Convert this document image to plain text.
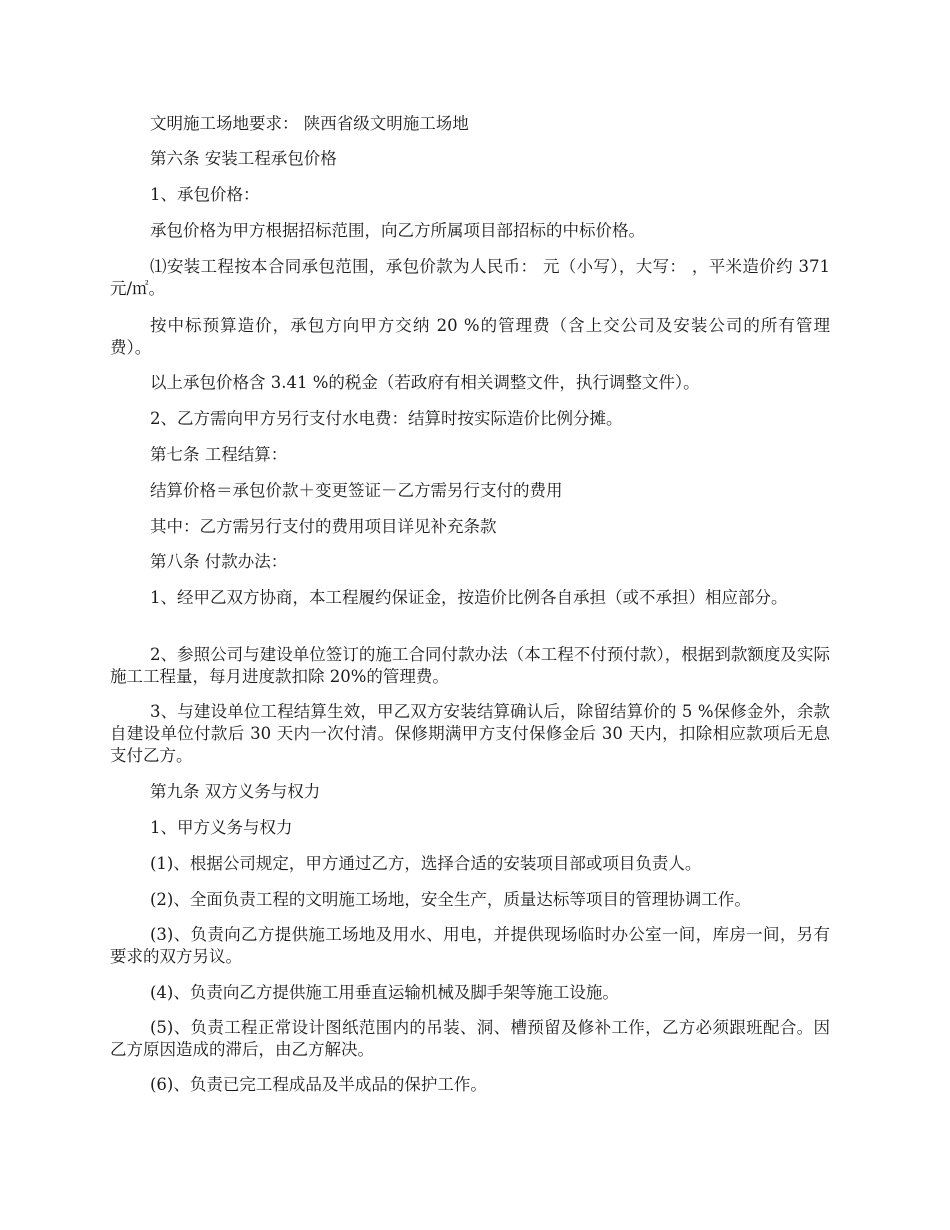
文明施工场地要求： 陕西省级文明施工场地

第六条 安装工程承包价格

1、承包价格：

承包价格为甲方根据招标范围，向乙方所属项目部招标的中标价格。

⑴安装工程按本合同承包范围，承包价款为人民币： 元（小写），大写： ，平米造价约 371 元/㎡。

按中标预算造价，承包方向甲方交纳 20 %的管理费（含上交公司及安装公司的所有管理费）。

以上承包价格含 3.41 %的税金（若政府有相关调整文件，执行调整文件）。

2、乙方需向甲方另行支付水电费：结算时按实际造价比例分摊。

第七条 工程结算：

结算价格＝承包价款＋变更签证－乙方需另行支付的费用

其中：乙方需另行支付的费用项目详见补充条款

第八条 付款办法：

1、经甲乙双方协商，本工程履约保证金，按造价比例各自承担（或不承担）相应部分。

2、参照公司与建设单位签订的施工合同付款办法（本工程不付预付款），根据到款额度及实际施工工程量，每月进度款扣除 20%的管理费。

3、与建设单位工程结算生效，甲乙双方安装结算确认后，除留结算价的 5 %保修金外，余款自建设单位付款后 30 天内一次付清。保修期满甲方支付保修金后 30 天内，扣除相应款项后无息支付乙方。

第九条 双方义务与权力

1、甲方义务与权力

(1)、根据公司规定，甲方通过乙方，选择合适的安装项目部或项目负责人。

(2)、全面负责工程的文明施工场地，安全生产，质量达标等项目的管理协调工作。

(3)、负责向乙方提供施工场地及用水、用电，并提供现场临时办公室一间，库房一间，另有要求的双方另议。

(4)、负责向乙方提供施工用垂直运输机械及脚手架等施工设施。

(5)、负责工程正常设计图纸范围内的吊装、洞、槽预留及修补工作，乙方必须跟班配合。因乙方原因造成的滞后，由乙方解决。

(6)、负责已完工程成品及半成品的保护工作。
